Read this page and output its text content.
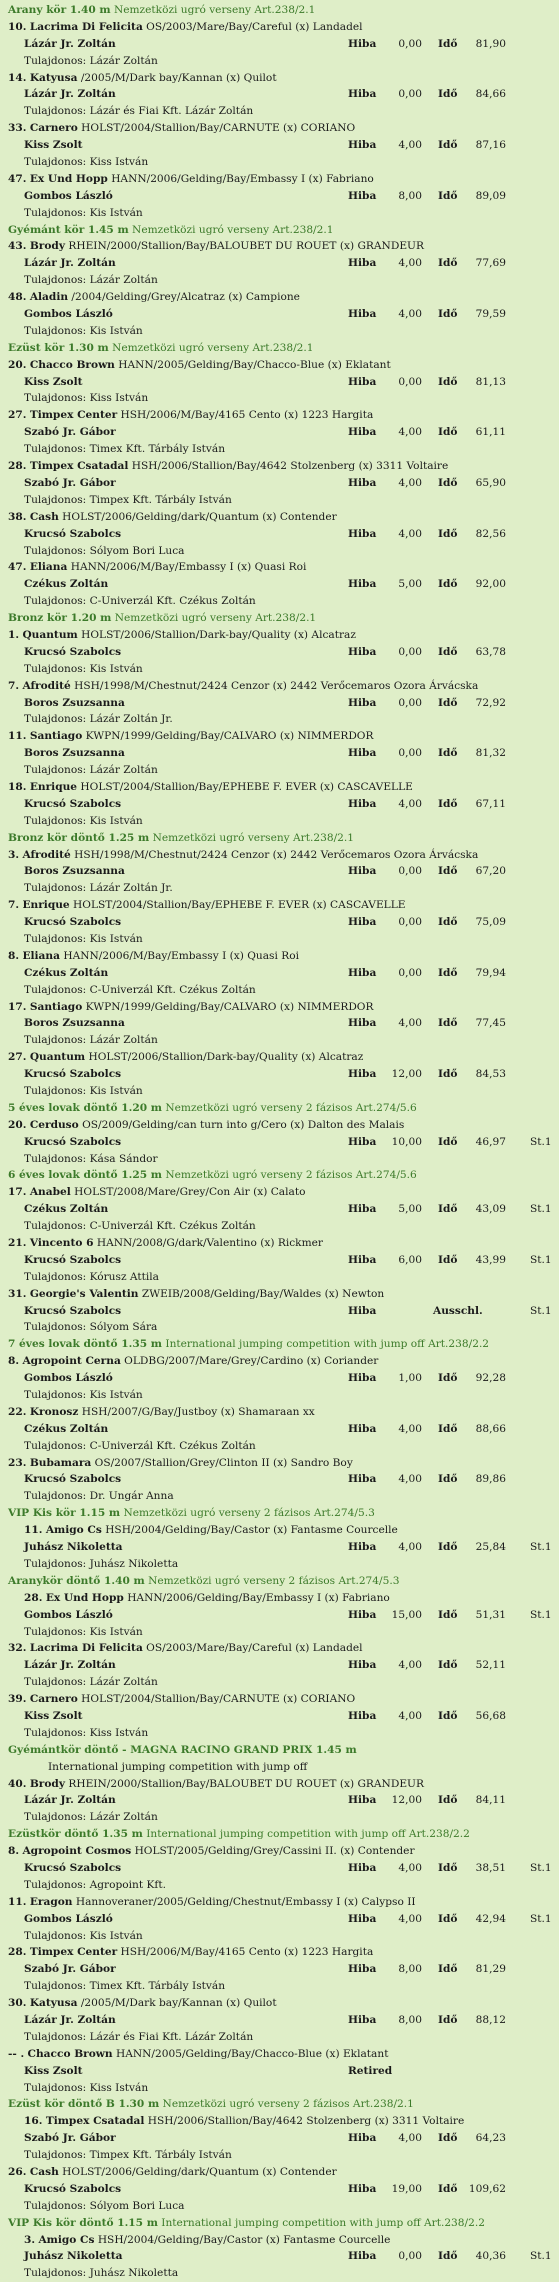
Arany kör 1.40 m Nemzetközi ugró verseny Art.238/2.1
10. Lacrima Di Felicita OS/2003/Mare/Bay/Careful (x) Landadel
Lázár Jr. Zoltán	Hiba	0,00 Idő	81,90
Tulajdonos: Lázár Zoltán
14. Katyusa /2005/M/Dark bay/Kannan (x) Quilot
Lázár Jr. Zoltán	Hiba	0,00 Idő	84,66
Tulajdonos: Lázár és Fiai Kft. Lázár Zoltán
33. Carnero HOLST/2004/Stallion/Bay/CARNUTE (x) CORIANO
Kiss Zsolt	Hiba	4,00 Idő	87,16
Tulajdonos: Kiss István
47. Ex Und Hopp HANN/2006/Gelding/Bay/Embassy I (x) Fabriano
Gombos László	Hiba	8,00 Idő	89,09
Tulajdonos: Kis István
Gyémánt kör 1.45 m Nemzetközi ugró verseny Art.238/2.1
43. Brody RHEIN/2000/Stallion/Bay/BALOUBET DU ROUET (x) GRANDEUR
Lázár Jr. Zoltán	Hiba	4,00 Idő	77,69
Tulajdonos: Lázár Zoltán
48. Aladin /2004/Gelding/Grey/Alcatraz (x) Campione
Gombos László	Hiba	4,00 Idő	79,59
Tulajdonos: Kis István
Ezüst kör 1.30 m Nemzetközi ugró verseny Art.238/2.1
20. Chacco Brown HANN/2005/Gelding/Bay/Chacco-Blue (x) Eklatant
Kiss Zsolt	Hiba	0,00 Idő	81,13
Tulajdonos: Kiss István
27. Timpex Center HSH/2006/M/Bay/4165 Cento (x) 1223 Hargita
Szabó Jr. Gábor	Hiba	4,00 Idő	61,11
Tulajdonos: Timex Kft. Tárbály István
28. Timpex Csatadal HSH/2006/Stallion/Bay/4642 Stolzenberg (x) 3311 Voltaire
Szabó Jr. Gábor	Hiba	4,00 Idő	65,90
Tulajdonos: Timpex Kft. Tárbály István
38. Cash HOLST/2006/Gelding/dark/Quantum (x) Contender
Krucsó Szabolcs	Hiba	4,00 Idő	82,56
Tulajdonos: Sólyom Bori Luca
47. Eliana HANN/2006/M/Bay/Embassy I (x) Quasi Roi
Czékus Zoltán	Hiba	5,00 Idő	92,00
Tulajdonos: C-Univerzál Kft. Czékus Zoltán
Bronz kör 1.20 m Nemzetközi ugró verseny Art.238/2.1
1. Quantum HOLST/2006/Stallion/Dark-bay/Quality (x) Alcatraz
Krucsó Szabolcs	Hiba	0,00 Idő	63,78
Tulajdonos: Kis István
7. Afrodité HSH/1998/M/Chestnut/2424 Cenzor (x) 2442 Verőcemaros Ozora Árvácska
Boros Zsuzsanna	Hiba	0,00 Idő	72,92
Tulajdonos: Lázár Zoltán Jr.
11. Santiago KWPN/1999/Gelding/Bay/CALVARO (x) NIMMERDOR
Boros Zsuzsanna	Hiba	0,00 Idő	81,32
Tulajdonos: Lázár Zoltán
18. Enrique HOLST/2004/Stallion/Bay/EPHEBE F. EVER (x) CASCAVELLE
Krucsó Szabolcs	Hiba	4,00 Idő	67,11
Tulajdonos: Kis István
Bronz kör döntő 1.25 m Nemzetközi ugró verseny Art.238/2.1
3. Afrodité HSH/1998/M/Chestnut/2424 Cenzor (x) 2442 Verőcemaros Ozora Árvácska
Boros Zsuzsanna	Hiba	0,00 Idő	67,20
Tulajdonos: Lázár Zoltán Jr.
7. Enrique HOLST/2004/Stallion/Bay/EPHEBE F. EVER (x) CASCAVELLE
Krucsó Szabolcs	Hiba	0,00 Idő	75,09
Tulajdonos: Kis István
8. Eliana HANN/2006/M/Bay/Embassy I (x) Quasi Roi
Czékus Zoltán	Hiba	0,00 Idő	79,94
Tulajdonos: C-Univerzál Kft. Czékus Zoltán
17. Santiago KWPN/1999/Gelding/Bay/CALVARO (x) NIMMERDOR
Boros Zsuzsanna	Hiba	4,00 Idő	77,45
Tulajdonos: Lázár Zoltán
27. Quantum HOLST/2006/Stallion/Dark-bay/Quality (x) Alcatraz
Krucsó Szabolcs	Hiba	12,00 Idő	84,53
Tulajdonos: Kis István
5 éves lovak döntő 1.20 m Nemzetközi ugró verseny 2 fázisos Art.274/5.6
20. Cerduso OS/2009/Gelding/can turn into g/Cero (x) Dalton des Malais
Krucsó Szabolcs	Hiba	10,00 Idő	46,97 St.1
Tulajdonos: Kása Sándor
6 éves lovak döntő 1.25 m Nemzetközi ugró verseny 2 fázisos Art.274/5.6
17. Anabel HOLST/2008/Mare/Grey/Con Air (x) Calato
Czékus Zoltán	Hiba	5,00 Idő	43,09 St.1
Tulajdonos: C-Univerzál Kft. Czékus Zoltán
21. Vincento 6 HANN/2008/G/dark/Valentino (x) Rickmer
Krucsó Szabolcs	Hiba	6,00 Idő	43,99 St.1
Tulajdonos: Kórusz Attila
31. Georgie's Valentin ZWEIB/2008/Gelding/Bay/Waldes (x) Newton
Krucsó Szabolcs	Hiba	Ausschl.	St.1
Tulajdonos: Sólyom Sára
7 éves lovak döntő 1.35 m International jumping competition with jump off Art.238/2.2
8. Agropoint Cerna OLDBG/2007/Mare/Grey/Cardino (x) Coriander
Gombos László	Hiba	1,00 Idő	92,28
Tulajdonos: Kis István
22. Kronosz HSH/2007/G/Bay/Justboy (x) Shamaraan xx
Czékus Zoltán	Hiba	4,00 Idő	88,66
Tulajdonos: C-Univerzál Kft. Czékus Zoltán
23. Bubamara OS/2007/Stallion/Grey/Clinton II (x) Sandro Boy
Krucsó Szabolcs	Hiba	4,00 Idő	89,86
Tulajdonos: Dr. Ungár Anna
VIP Kis kör 1.15 m Nemzetközi ugró verseny 2 fázisos Art.274/5.3
11. Amigo Cs HSH/2004/Gelding/Bay/Castor (x) Fantasme Courcelle
Juhász Nikoletta	Hiba	4,00 Idő	25,84 St.1
Tulajdonos: Juhász Nikoletta
Aranykör döntő 1.40 m Nemzetközi ugró verseny 2 fázisos Art.274/5.3
28. Ex Und Hopp HANN/2006/Gelding/Bay/Embassy I (x) Fabriano
Gombos László	Hiba	15,00 Idő	51,31 St.1
Tulajdonos: Kis István
32. Lacrima Di Felicita OS/2003/Mare/Bay/Careful (x) Landadel
Lázár Jr. Zoltán	Hiba	4,00 Idő	52,11
Tulajdonos: Lázár Zoltán
39. Carnero HOLST/2004/Stallion/Bay/CARNUTE (x) CORIANO
Kiss Zsolt	Hiba	4,00 Idő	56,68
Tulajdonos: Kiss István
Gyémántkör döntő - MAGNA RACINO GRAND PRIX 1.45 m
International jumping competition with jump off
40. Brody RHEIN/2000/Stallion/Bay/BALOUBET DU ROUET (x) GRANDEUR
Lázár Jr. Zoltán	Hiba	12,00 Idő	84,11
Tulajdonos: Lázár Zoltán
Ezüstkör döntő 1.35 m International jumping competition with jump off Art.238/2.2
8. Agropoint Cosmos HOLST/2005/Gelding/Grey/Cassini II. (x) Contender
Krucsó Szabolcs	Hiba	4,00 Idő	38,51 St.1
Tulajdonos: Agropoint Kft.
11. Eragon Hannoveraner/2005/Gelding/Chestnut/Embassy I (x) Calypso II
Gombos László	Hiba	4,00 Idő	42,94 St.1
Tulajdonos: Kis István
28. Timpex Center HSH/2006/M/Bay/4165 Cento (x) 1223 Hargita
Szabó Jr. Gábor	Hiba	8,00 Idő	81,29
Tulajdonos: Timex Kft. Tárbály István
30. Katyusa /2005/M/Dark bay/Kannan (x) Quilot
Lázár Jr. Zoltán	Hiba	8,00 Idő	88,12
Tulajdonos: Lázár és Fiai Kft. Lázár Zoltán
-- . Chacco Brown HANN/2005/Gelding/Bay/Chacco-Blue (x) Eklatant
Kiss Zsolt	Retired
Tulajdonos: Kiss István
Ezüst kör döntő B 1.30 m Nemzetközi ugró verseny 2 fázisos Art.238/2.1
16. Timpex Csatadal HSH/2006/Stallion/Bay/4642 Stolzenberg (x) 3311 Voltaire
Szabó Jr. Gábor	Hiba	4,00 Idő	64,23
Tulajdonos: Timpex Kft. Tárbály István
26. Cash HOLST/2006/Gelding/dark/Quantum (x) Contender
Krucsó Szabolcs	Hiba	19,00 Idő	109,62
Tulajdonos: Sólyom Bori Luca
VIP Kis kör döntő 1.15 m International jumping competition with jump off Art.238/2.2
3. Amigo Cs HSH/2004/Gelding/Bay/Castor (x) Fantasme Courcelle
Juhász Nikoletta	Hiba	0,00 Idő	40,36 St.1
Tulajdonos: Juhász Nikoletta
